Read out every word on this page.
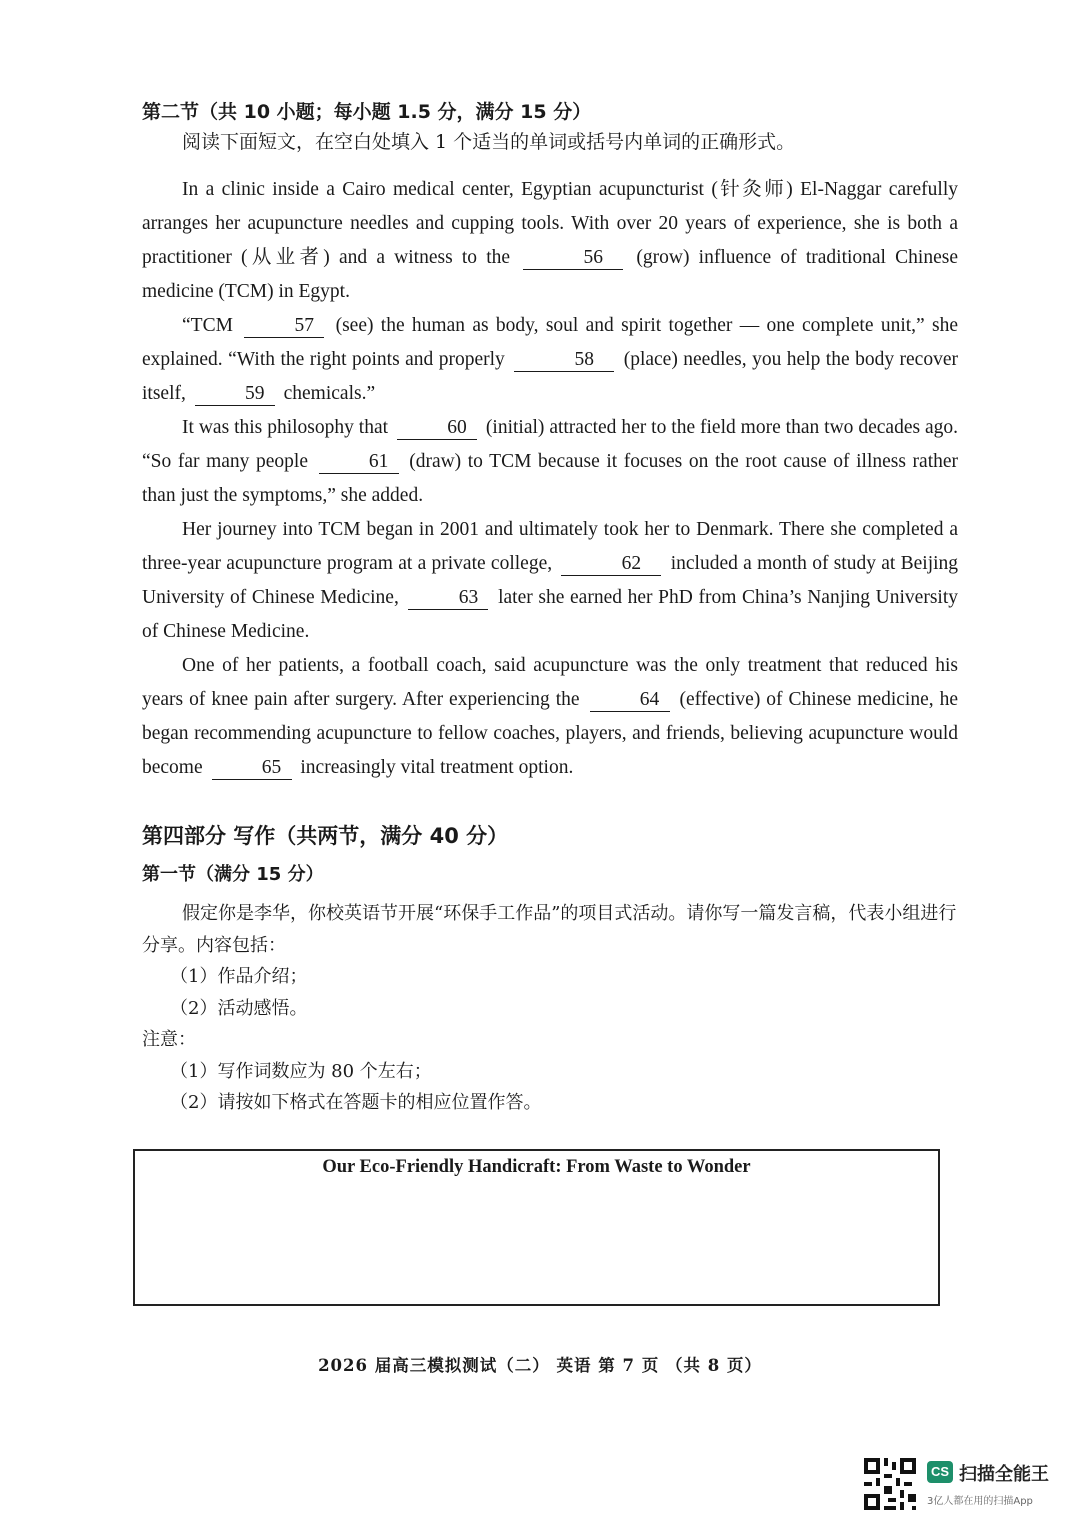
第二节（共 10 小题；每小题 1.5 分，满分 15 分）
阅读下面短文，在空白处填入 1 个适当的单词或括号内单词的正确形式。

In a clinic inside a Cairo medical center, Egyptian acupuncturist (针灸师) El-Naggar carefully arranges her acupuncture needles and cupping tools. With over 20 years of experience, she is both a practitioner (从业者) and a witness to the	56 (grow) influence of traditional Chinese medicine (TCM) in Egypt.

“TCM	57 (see) the human as body, soul and spirit together — one complete unit,” she explained. “With the right points and properly	58 (place) needles, you help the body recover itself,	59 chemicals.”

It was this philosophy that	60 (initial) attracted her to the field more than two decades ago. “So far many people	61 (draw) to TCM because it focuses on the root cause of illness rather than just the symptoms,” she added.

Her journey into TCM began in 2001 and ultimately took her to Denmark. There she completed a three-year acupuncture program at a private college,	62 included a month of study at Beijing University of Chinese Medicine,	63 later she earned her PhD from China’s Nanjing University of Chinese Medicine.

One of her patients, a football coach, said acupuncture was the only treatment that reduced his years of knee pain after surgery. After experiencing the	64 (effective) of Chinese medicine, he began recommending acupuncture to fellow coaches, players, and friends, believing acupuncture would become	65 increasingly vital treatment option.

第四部分 写作（共两节，满分 40 分）
第一节（满分 15 分）
假定你是李华，你校英语节开展“环保手工作品”的项目式活动。请你写一篇发言稿，代表小组进行分享。内容包括：
（1）作品介绍；
（2）活动感悟。
注意：
（1）写作词数应为 80 个左右；
（2）请按如下格式在答题卡的相应位置作答。
Our Eco-Friendly Handicraft: From Waste to Wonder
2026 届高三模拟测试（二） 英语 第 7 页 （共 8 页）
CS 扫描全能王
3亿人都在用的扫描App
